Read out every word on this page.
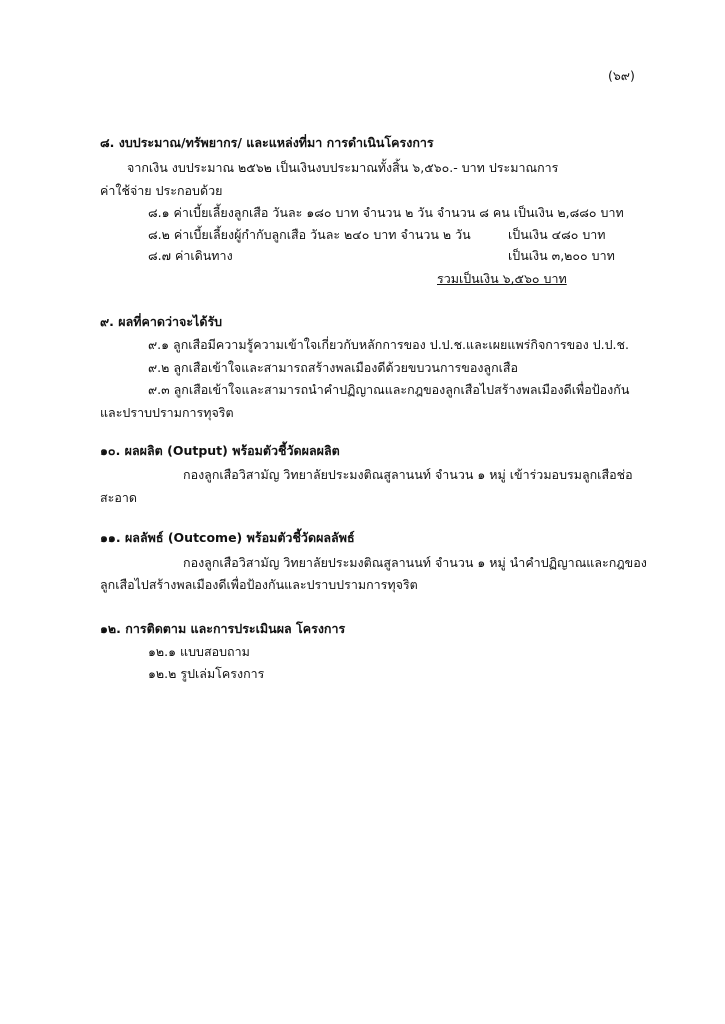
(๖๙)
๘. งบประมาณ/ทรัพยากร/ และแหล่งที่มา การดำเนินโครงการ
จากเงิน งบประมาณ ๒๕๖๒ เป็นเงินงบประมาณทั้งสิ้น ๖,๕๖๐.- บาท ประมาณการ
ค่าใช้จ่าย ประกอบด้วย
๘.๑ ค่าเบี้ยเลี้ยงลูกเสือ วันละ ๑๘๐ บาท จำนวน ๒ วัน จำนวน ๘ คน เป็นเงิน ๒,๘๘๐ บาท
๘.๒ ค่าเบี้ยเลี้ยงผู้กำกับลูกเสือ วันละ ๒๔๐ บาท จำนวน ๒ วัน	เป็นเงิน ๔๘๐ บาท
๘.๗ ค่าเดินทาง	เป็นเงิน ๓,๒๐๐ บาท
รวมเป็นเงิน ๖,๕๖๐ บาท
๙. ผลที่คาดว่าจะได้รับ
๙.๑ ลูกเสือมีความรู้ความเข้าใจเกี่ยวกับหลักการของ ป.ป.ช.และเผยแพร่กิจการของ ป.ป.ช.
๙.๒ ลูกเสือเข้าใจและสามารถสร้างพลเมืองดีด้วยขบวนการของลูกเสือ
๙.๓ ลูกเสือเข้าใจและสามารถนำคำปฏิญาณและกฎของลูกเสือไปสร้างพลเมืองดีเพื่อป้องกัน
และปราบปรามการทุจริต
๑๐. ผลผลิต (Output) พร้อมตัวชี้วัดผลผลิต
กองลูกเสือวิสามัญ วิทยาลัยประมงติณสูลานนท์ จำนวน ๑ หมู่ เข้าร่วมอบรมลูกเสือช่อ
สะอาด
๑๑. ผลลัพธ์ (Outcome) พร้อมตัวชี้วัดผลลัพธ์
กองลูกเสือวิสามัญ วิทยาลัยประมงติณสูลานนท์ จำนวน ๑ หมู่ นำคำปฏิญาณและกฎของ
ลูกเสือไปสร้างพลเมืองดีเพื่อป้องกันและปราบปรามการทุจริต
๑๒. การติดตาม และการประเมินผล โครงการ
๑๒.๑ แบบสอบถาม
๑๒.๒ รูปเล่มโครงการ
